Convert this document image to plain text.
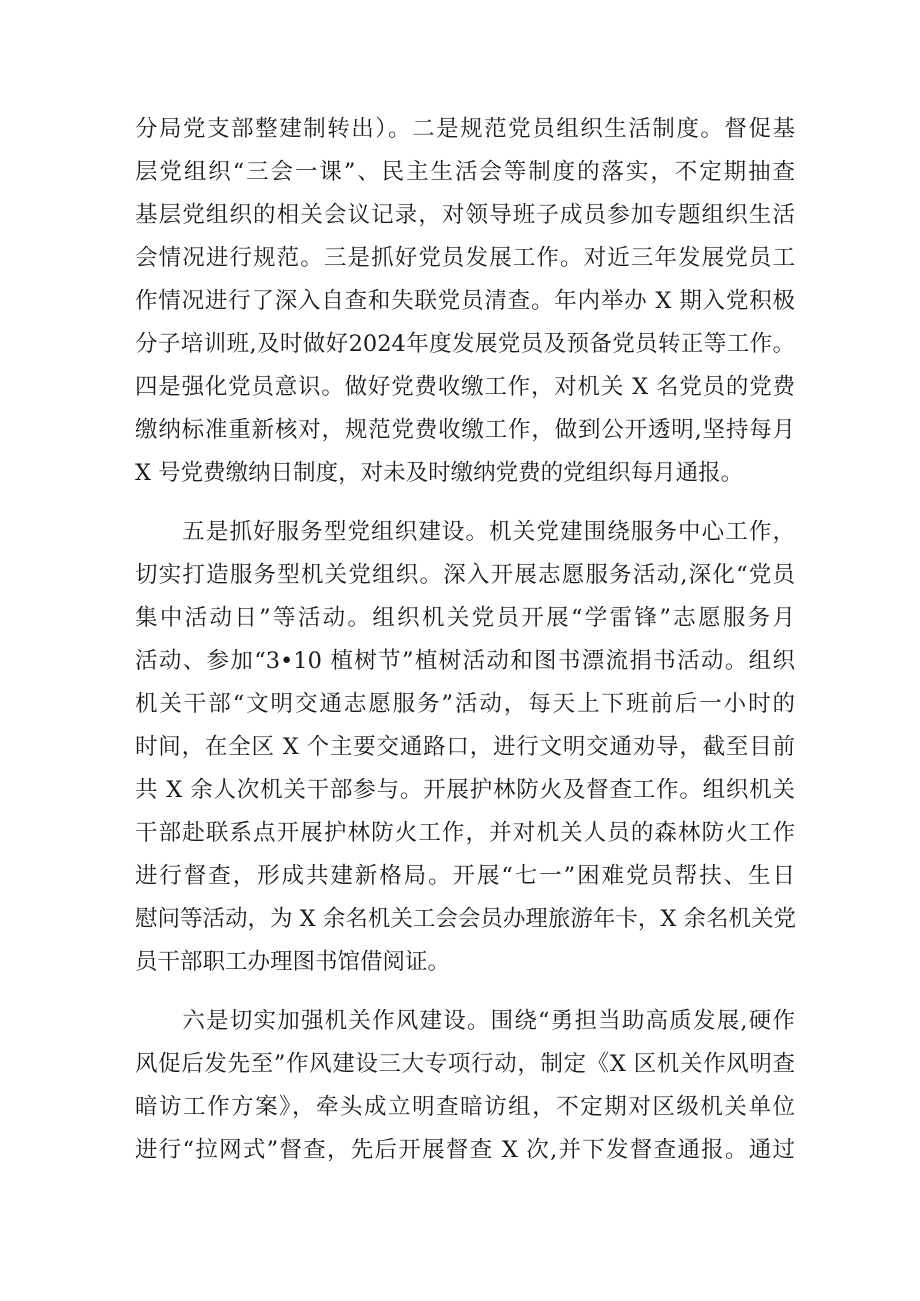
分局党支部整建制转出）。二是规范党员组织生活制度。督促基
层党组织“三会一课”、民主生活会等制度的落实，不定期抽查
基层党组织的相关会议记录，对领导班子成员参加专题组织生活
会情况进行规范。三是抓好党员发展工作。对近三年发展党员工
作情况进行了深入自查和失联党员清查。年内举办 X 期入党积极
分子培训班,及时做好2024年度发展党员及预备党员转正等工作。
四是强化党员意识。做好党费收缴工作，对机关 X 名党员的党费
缴纳标准重新核对，规范党费收缴工作，做到公开透明,坚持每月
X 号党费缴纳日制度，对未及时缴纳党费的党组织每月通报。
　　五是抓好服务型党组织建设。机关党建围绕服务中心工作，
切实打造服务型机关党组织。深入开展志愿服务活动,深化“党员
集中活动日”等活动。组织机关党员开展“学雷锋”志愿服务月
活动、参加“3•10 植树节”植树活动和图书漂流捐书活动。组织
机关干部“文明交通志愿服务”活动，每天上下班前后一小时的
时间，在全区 X 个主要交通路口，进行文明交通劝导，截至目前
共 X 余人次机关干部参与。开展护林防火及督查工作。组织机关
干部赴联系点开展护林防火工作，并对机关人员的森林防火工作
进行督查，形成共建新格局。开展“七一”困难党员帮扶、生日
慰问等活动，为 X 余名机关工会会员办理旅游年卡，X 余名机关党
员干部职工办理图书馆借阅证。
　　六是切实加强机关作风建设。围绕“勇担当助高质发展,硬作
风促后发先至”作风建设三大专项行动，制定《X 区机关作风明查
暗访工作方案》，牵头成立明查暗访组，不定期对区级机关单位
进行“拉网式”督查，先后开展督查 X 次,并下发督查通报。通过
